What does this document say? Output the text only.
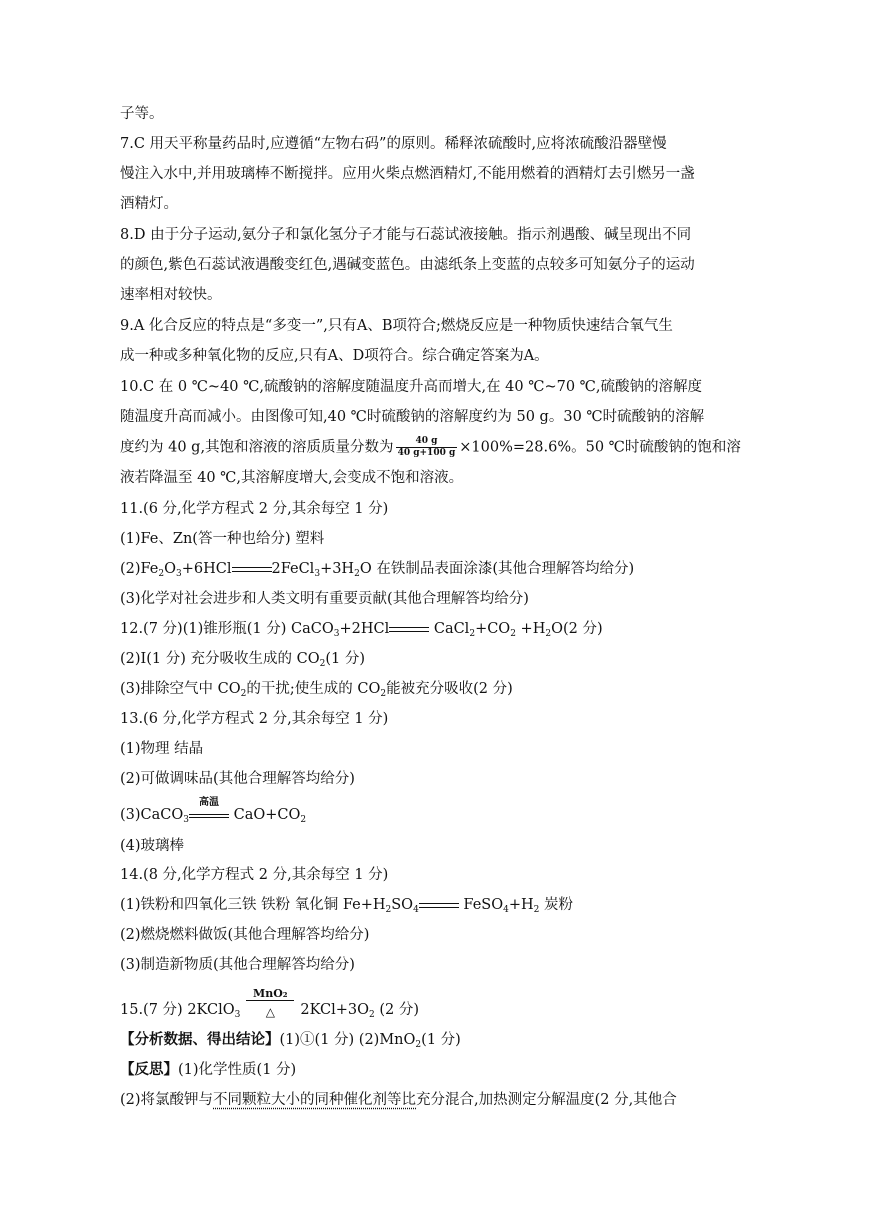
子等。
7.C 用天平称量药品时,应遵循“左物右码”的原则。稀释浓硫酸时,应将浓硫酸沿器壁慢
慢注入水中,并用玻璃棒不断搅拌。应用火柴点燃酒精灯,不能用燃着的酒精灯去引燃另一盏
酒精灯。
8.D 由于分子运动,氨分子和氯化氢分子才能与石蕊试液接触。指示剂遇酸、碱呈现出不同
的颜色,紫色石蕊试液遇酸变红色,遇碱变蓝色。由滤纸条上变蓝的点较多可知氨分子的运动
速率相对较快。
9.A 化合反应的特点是“多变一”,只有A、B项符合;燃烧反应是一种物质快速结合氧气生
成一种或多种氧化物的反应,只有A、D项符合。综合确定答案为A。
10.C 在 0 ℃~40 ℃,硫酸钠的溶解度随温度升高而增大,在 40 ℃~70 ℃,硫酸钠的溶解度
随温度升高而减小。由图像可知,40 ℃时硫酸钠的溶解度约为 50 g。30 ℃时硫酸钠的溶解
度约为 40 g,其饱和溶液的溶质质量分数为 $\frac{40 g}{40 g+100 g} \times 100\%=28.6\%$。50 ℃时硫酸钠的饱和溶
液若降温至 40 ℃,其溶解度增大,会变成不饱和溶液。
11.(6 分,化学方程式 2 分,其余每空 1 分)
(1)Fe、Zn(答一种也给分) 塑料
$(2)Fe_2O_3+6HCl$	$2FeCl_3+3H_2O$ 在铁制品表面涂漆(其他合理解答均给分)
(3)化学对社会进步和人类文明有重要贡献(其他合理解答均给分)
12.(7 分)(1)锥形瓶(1 分) CaCO$_3$+2HCl	$CaCl_2+CO_2 +H_2O(2$ 分)
(2)Ⅰ(1 分) 充分吸收生成的 $CO_2(1$ 分)
(3)排除空气中 $CO_2$的干扰;使生成的 $CO_2$能被充分吸收(2 分)
13.(6 分,化学方程式 2 分,其余每空 1 分)
(1)物理 结晶
(2)可做调味品(其他合理解答均给分)
(3)CaCO$_3$
高温
$CaO+CO_2$
(4)玻璃棒
14.(8 分,化学方程式 2 分,其余每空 1 分)
(1)铁粉和四氧化三铁 铁粉 氧化铜 $Fe+H_2SO_4$	$FeSO_4+H_2$ 炭粉
(2)燃烧燃料做饭(其他合理解答均给分)
(3)制造新物质(其他合理解答均给分)
15.(7 分) 2KClO$_3$
MnO₂
△	$2KCl+3O_2$ (2 分)
【分析数据、得出结论】(1)①(1 分) (2)MnO$_2$(1 分)
【反思】(1)化学性质(1 分)
(2)将氯酸钾与不同颗粒大小的同种催化剂等比充分混合,加热测定分解温度(2 分,其他合
